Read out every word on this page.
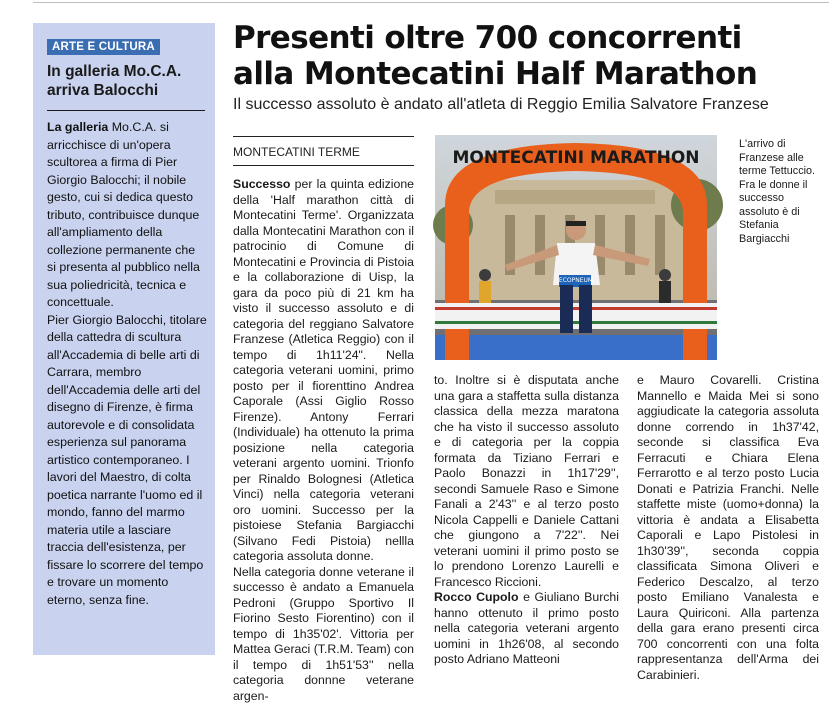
ARTE E CULTURA
In galleria Mo.C.A. arriva Balocchi

La galleria Mo.C.A. si arricchisce di un'opera scultorea a firma di Pier Giorgio Balocchi; il nobile gesto, cui si dedica questo tributo, contribuisce dunque all'ampliamento della collezione permanente che si presenta al pubblico nella sua poliedricità, tecnica e concettuale.

Pier Giorgio Balocchi, titolare della cattedra di scultura all'Accademia di belle arti di Carrara, membro dell'Accademia delle arti del disegno di Firenze, è firma autorevole e di consolidata esperienza sul panorama artistico contemporaneo. I lavori del Maestro, di colta poetica narrante l'uomo ed il mondo, fanno del marmo materia utile a lasciare traccia dell'esistenza, per fissare lo scorrere del tempo e trovare un momento eterno, senza fine.

Presenti oltre 700 concorrenti
alla Montecatini Half Marathon
Il successo assoluto è andato all'atleta di Reggio Emilia Salvatore Franzese
MONTECATINI TERME

Successo per la quinta edizione della 'Half marathon città di Montecatini Terme'. Organizzata dalla Montecatini Marathon con il patrocinio di Comune di Montecatini e Provincia di Pistoia e la collaborazione di Uisp, la gara da poco più di 21 km ha visto il successo assoluto e di categoria del reggiano Salvatore Franzese (Atletica Reggio) con il tempo di 1h11'24". Nella categoria veterani uomini, primo posto per il fiorenttino Andrea Caporale (Assi Giglio Rosso Firenze). Antony Ferrari (Individuale) ha ottenuto la prima posizione nella categoria veterani argento uomini. Trionfo per Rinaldo Bolognesi (Atletica Vinci) nella categoria veterani oro uomini. Successo per la pistoiese Stefania Bargiacchi (Silvano Fedi Pistoia) nellla categoria assoluta donne.

Nella categoria donne veterane il successo è andato a Emanuela Pedroni (Gruppo Sportivo Il Fiorino Sesto Fiorentino) con il tempo di 1h35'02'. Vittoria per Mattea Geraci (T.R.M. Team) con il tempo di 1h51'53'' nella categoria donnne veterane argen-

MONTECATINI MARATHON
ECOPNEUM
L'arrivo di Franzese alle terme Tettuccio. Fra le donne il successo assoluto è di Stefania Bargiacchi

to. Inoltre si è disputata anche una gara a staffetta sulla distanza classica della mezza maratona che ha visto il successo assoluto e di categoria per la coppia formata da Tiziano Ferrari e Paolo Bonazzi in 1h17'29'', secondi Samuele Raso e Simone Fanali a 2'43'' e al terzo posto Nicola Cappelli e Daniele Cattani che giungono a 7'22''. Nei veterani uomini il primo posto se lo prendono Lorenzo Laurelli e Francesco Riccioni.

Rocco Cupolo e Giuliano Burchi hanno ottenuto il primo posto nella categoria veterani argento uomini in 1h26'08, al secondo posto Adriano Matteoni

e Mauro Covarelli. Cristina Mannello e Maida Mei si sono aggiudicate la categoria assoluta donne correndo in 1h37'42, seconde si classifica Eva Ferracuti e Chiara Elena Ferrarotto e al terzo posto Lucia Donati e Patrizia Franchi. Nelle staffette miste (uomo+donna) la vittoria è andata a Elisabetta Caporali e Lapo Pistolesi in 1h30'39'', seconda coppia classificata Simona Oliveri e Federico Descalzo, al terzo posto Emiliano Vanalesta e Laura Quiriconi. Alla partenza della gara erano presenti circa 700 concorrenti con una folta rappresentanza dell'Arma dei Carabinieri.
